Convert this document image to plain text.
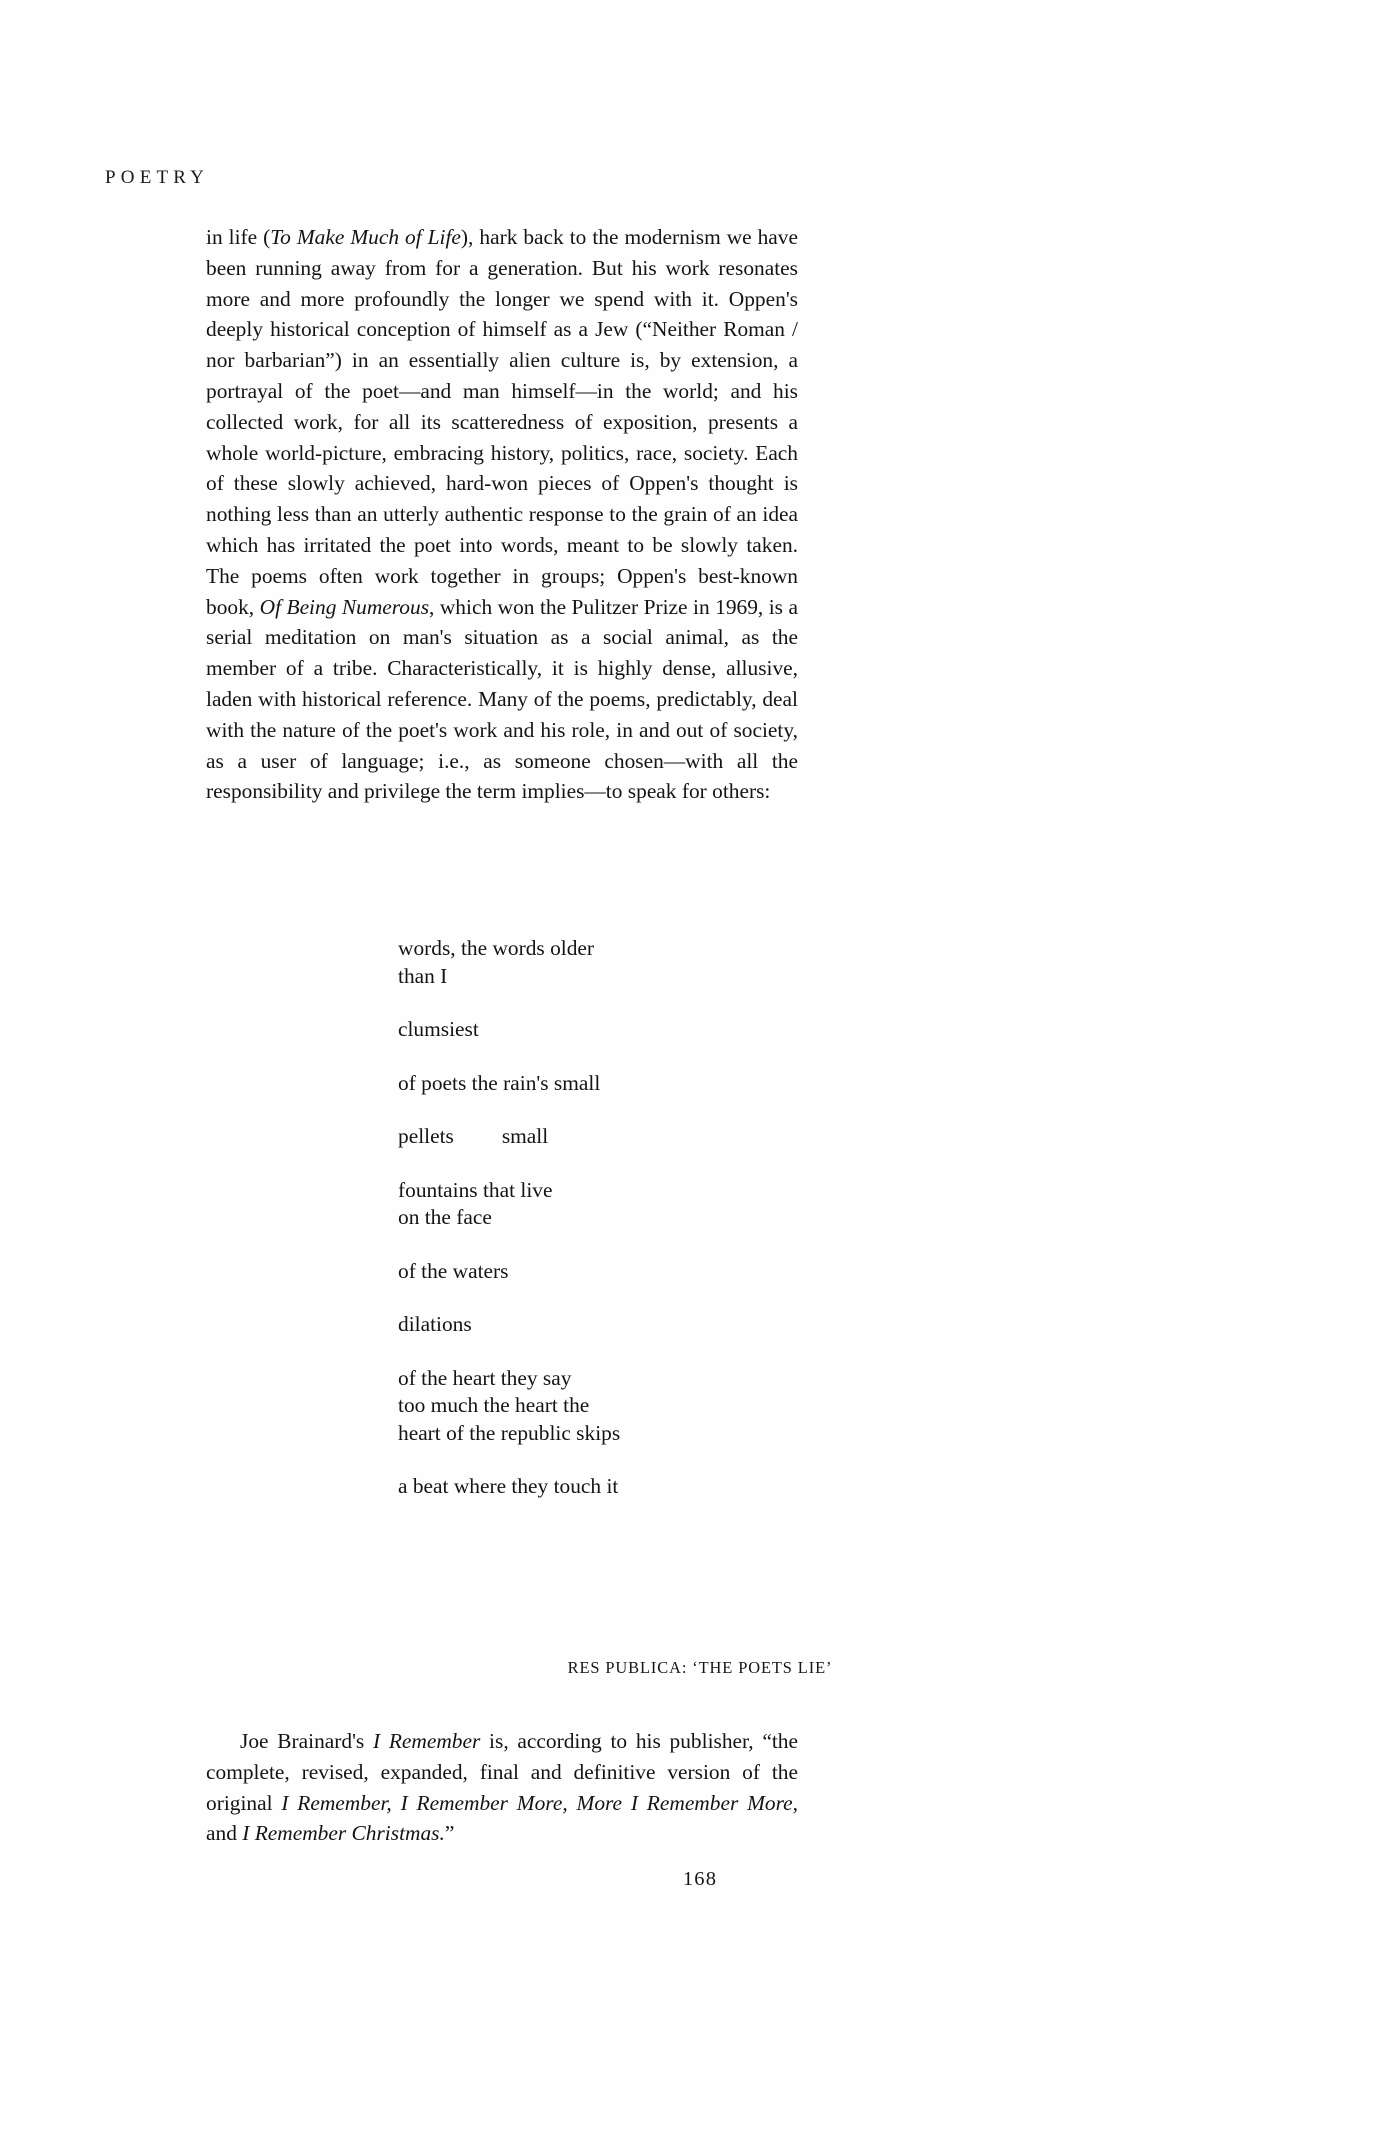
POETRY

in life (To Make Much of Life), hark back to the modernism we have been running away from for a generation. But his work resonates more and more profoundly the longer we spend with it. Oppen's deeply historical conception of himself as a Jew (“Neither Roman / nor barbarian”) in an essentially alien culture is, by extension, a portrayal of the poet—and man himself—in the world; and his collected work, for all its scatteredness of exposition, presents a whole world-picture, embracing history, politics, race, society. Each of these slowly achieved, hard-won pieces of Oppen's thought is nothing less than an utterly authentic response to the grain of an idea which has irritated the poet into words, meant to be slowly taken. The poems often work together in groups; Oppen's best-known book, Of Being Numerous, which won the Pulitzer Prize in 1969, is a serial meditation on man's situation as a social animal, as the member of a tribe. Characteristically, it is highly dense, allusive, laden with historical reference. Many of the poems, predictably, deal with the nature of the poet's work and his role, in and out of society, as a user of language; i.e., as someone chosen—with all the responsibility and privilege the term implies—to speak for others:

words, the words older
than I
clumsiest
of poets the rain's small
pellets small
fountains that live
on the face
of the waters
dilations
of the heart they say
too much the heart the
heart of the republic skips
a beat where they touch it
RES PUBLICA: ‘THE POETS LIE’

Joe Brainard's I Remember is, according to his publisher, “the complete, revised, expanded, final and definitive version of the original I Remember, I Remember More, More I Remember More, and I Remember Christmas.”

168
